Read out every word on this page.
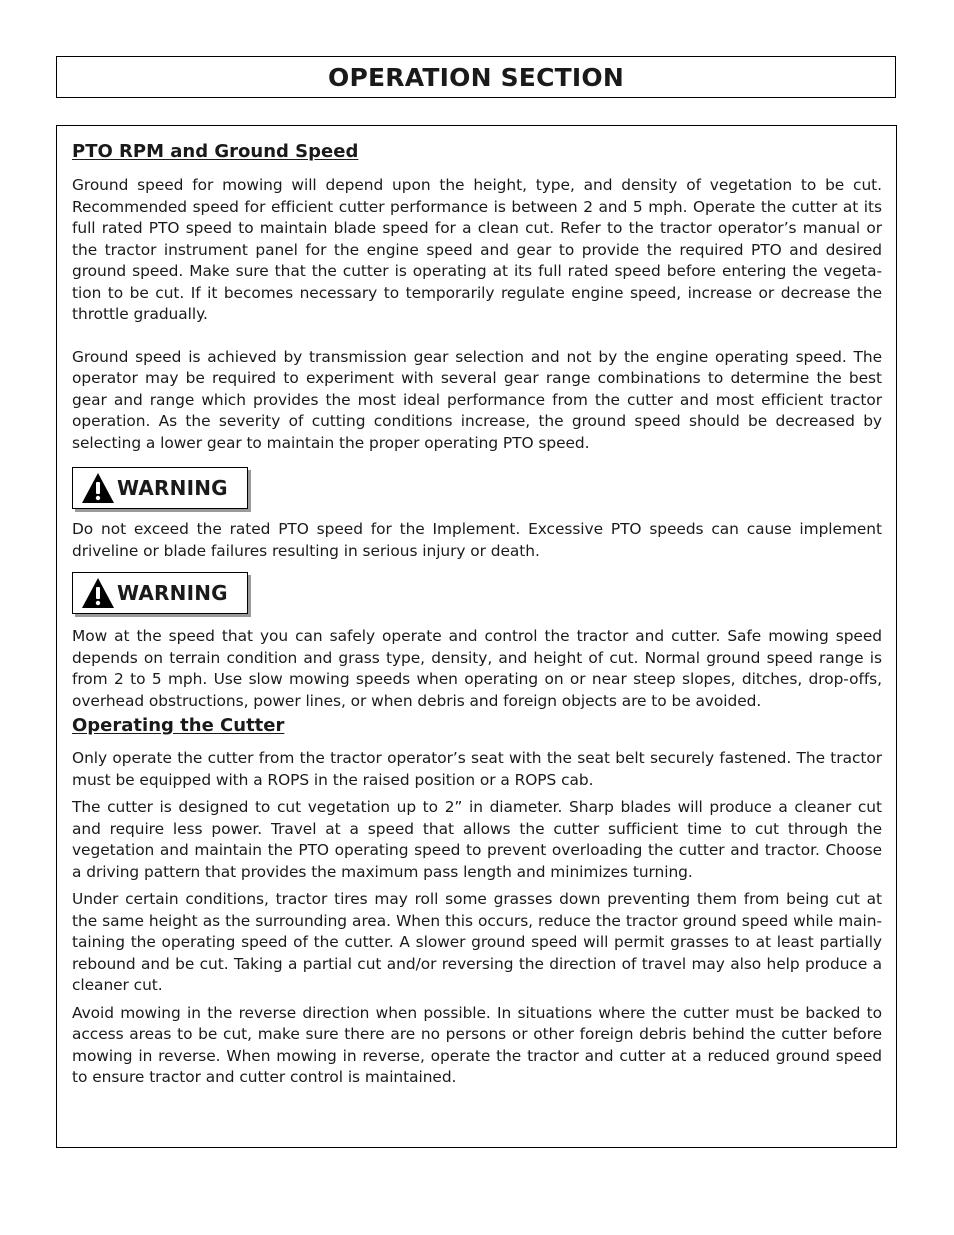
OPERATION SECTION
PTO RPM and Ground Speed

Ground speed for mowing will depend upon the height, type, and density of vegetation to be cut. Recommended speed for efficient cutter performance is between 2 and 5 mph. Operate the cutter at its full rated PTO speed to maintain blade speed for a clean cut. Refer to the tractor operator’s manual or the tractor instrument panel for the engine speed and gear to provide the required PTO and desired ground speed. Make sure that the cutter is operating at its full rated speed before entering the vegeta-tion to be cut. If it becomes necessary to temporarily regulate engine speed, increase or decrease the throttle gradually.

Ground speed is achieved by transmission gear selection and not by the engine operating speed. The operator may be required to experiment with several gear range combinations to determine the best gear and range which provides the most ideal performance from the cutter and most efficient tractor operation. As the severity of cutting conditions increase, the ground speed should be decreased by selecting a lower gear to maintain the proper operating PTO speed.

WARNING

Do not exceed the rated PTO speed for the Implement. Excessive PTO speeds can cause implement driveline or blade failures resulting in serious injury or death.

WARNING

Mow at the speed that you can safely operate and control the tractor and cutter. Safe mowing speed depends on terrain condition and grass type, density, and height of cut. Normal ground speed range is from 2 to 5 mph. Use slow mowing speeds when operating on or near steep slopes, ditches, drop-offs, overhead obstructions, power lines, or when debris and foreign objects are to be avoided.

Operating the Cutter

Only operate the cutter from the tractor operator’s seat with the seat belt securely fastened. The tractor must be equipped with a ROPS in the raised position or a ROPS cab.

The cutter is designed to cut vegetation up to 2” in diameter. Sharp blades will produce a cleaner cut and require less power. Travel at a speed that allows the cutter sufficient time to cut through the vegetation and maintain the PTO operating speed to prevent overloading the cutter and tractor. Choose a driving pattern that provides the maximum pass length and minimizes turning.

Under certain conditions, tractor tires may roll some grasses down preventing them from being cut at the same height as the surrounding area. When this occurs, reduce the tractor ground speed while main-taining the operating speed of the cutter. A slower ground speed will permit grasses to at least partially rebound and be cut. Taking a partial cut and/or reversing the direction of travel may also help produce a cleaner cut.

Avoid mowing in the reverse direction when possible. In situations where the cutter must be backed to access areas to be cut, make sure there are no persons or other foreign debris behind the cutter before mowing in reverse. When mowing in reverse, operate the tractor and cutter at a reduced ground speed to ensure tractor and cutter control is maintained.
